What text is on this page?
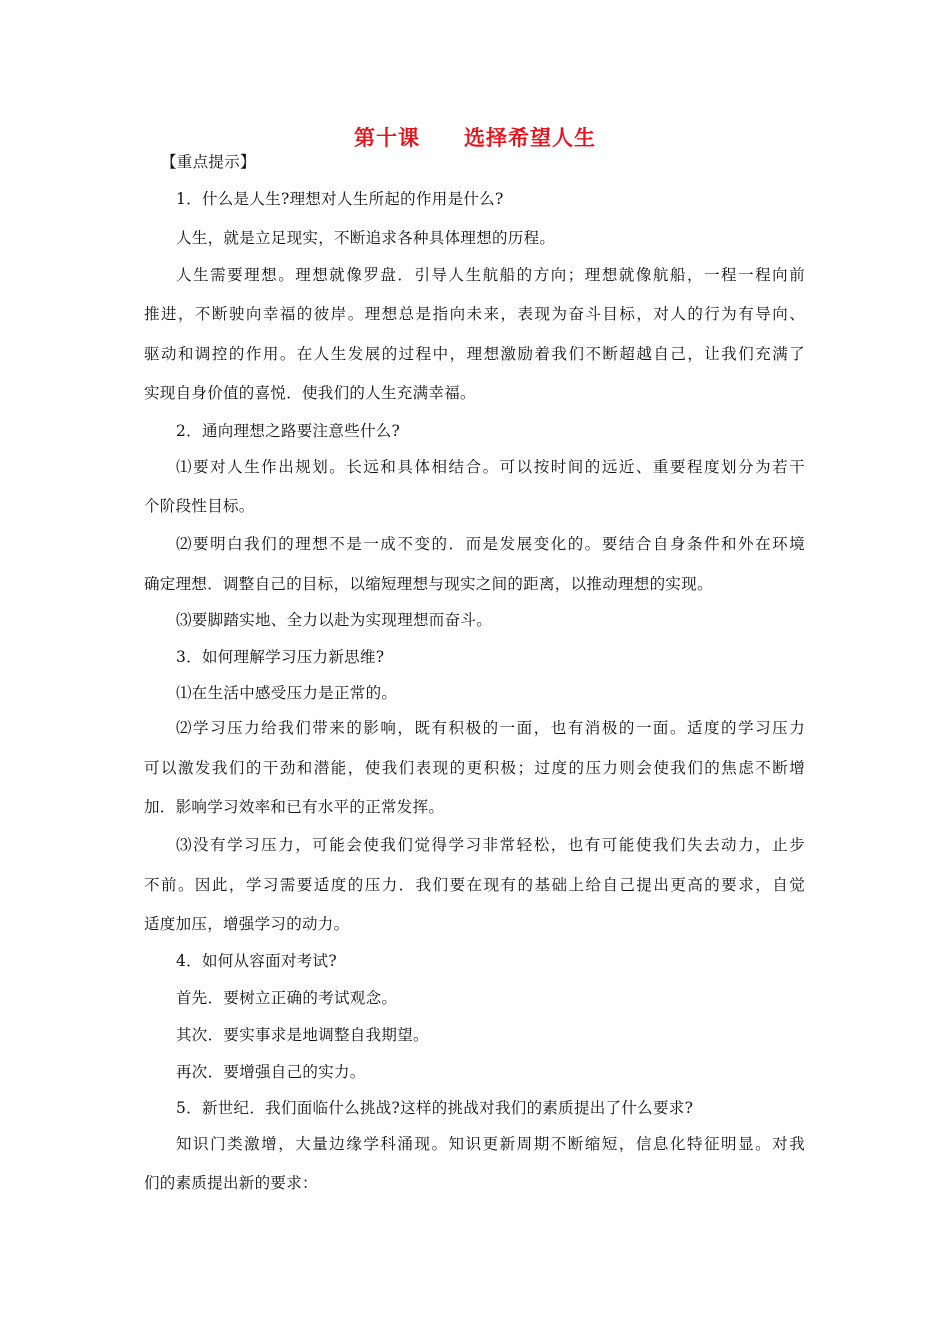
第十课　　选择希望人生
【重点提示】
1．什么是人生?理想对人生所起的作用是什么?
人生，就是立足现实，不断追求各种具体理想的历程。
人生需要理想。理想就像罗盘．引导人生航船的方向；理想就像航船，一程一程向前
推进，不断驶向幸福的彼岸。理想总是指向未来，表现为奋斗目标，对人的行为有导向、
驱动和调控的作用。在人生发展的过程中，理想激励着我们不断超越自己，让我们充满了
实现自身价值的喜悦．使我们的人生充满幸福。
2．通向理想之路要注意些什么?
⑴要对人生作出规划。长远和具体相结合。可以按时间的远近、重要程度划分为若干
个阶段性目标。
⑵要明白我们的理想不是一成不变的．而是发展变化的。要结合自身条件和外在环境
确定理想．调整自己的目标，以缩短理想与现实之间的距离，以推动理想的实现。
⑶要脚踏实地、全力以赴为实现理想而奋斗。
3．如何理解学习压力新思维?
⑴在生活中感受压力是正常的。
⑵学习压力给我们带来的影响，既有积极的一面，也有消极的一面。适度的学习压力
可以激发我们的干劲和潜能，使我们表现的更积极；过度的压力则会使我们的焦虑不断增
加．影响学习效率和已有水平的正常发挥。
⑶没有学习压力，可能会使我们觉得学习非常轻松，也有可能使我们失去动力，止步
不前。因此，学习需要适度的压力．我们要在现有的基础上给自己提出更高的要求，自觉
适度加压，增强学习的动力。
4．如何从容面对考试?
首先．要树立正确的考试观念。
其次．要实事求是地调整自我期望。
再次．要增强自己的实力。
5．新世纪．我们面临什么挑战?这样的挑战对我们的素质提出了什么要求?
知识门类激增，大量边缘学科涌现。知识更新周期不断缩短，信息化特征明显。对我
们的素质提出新的要求：
